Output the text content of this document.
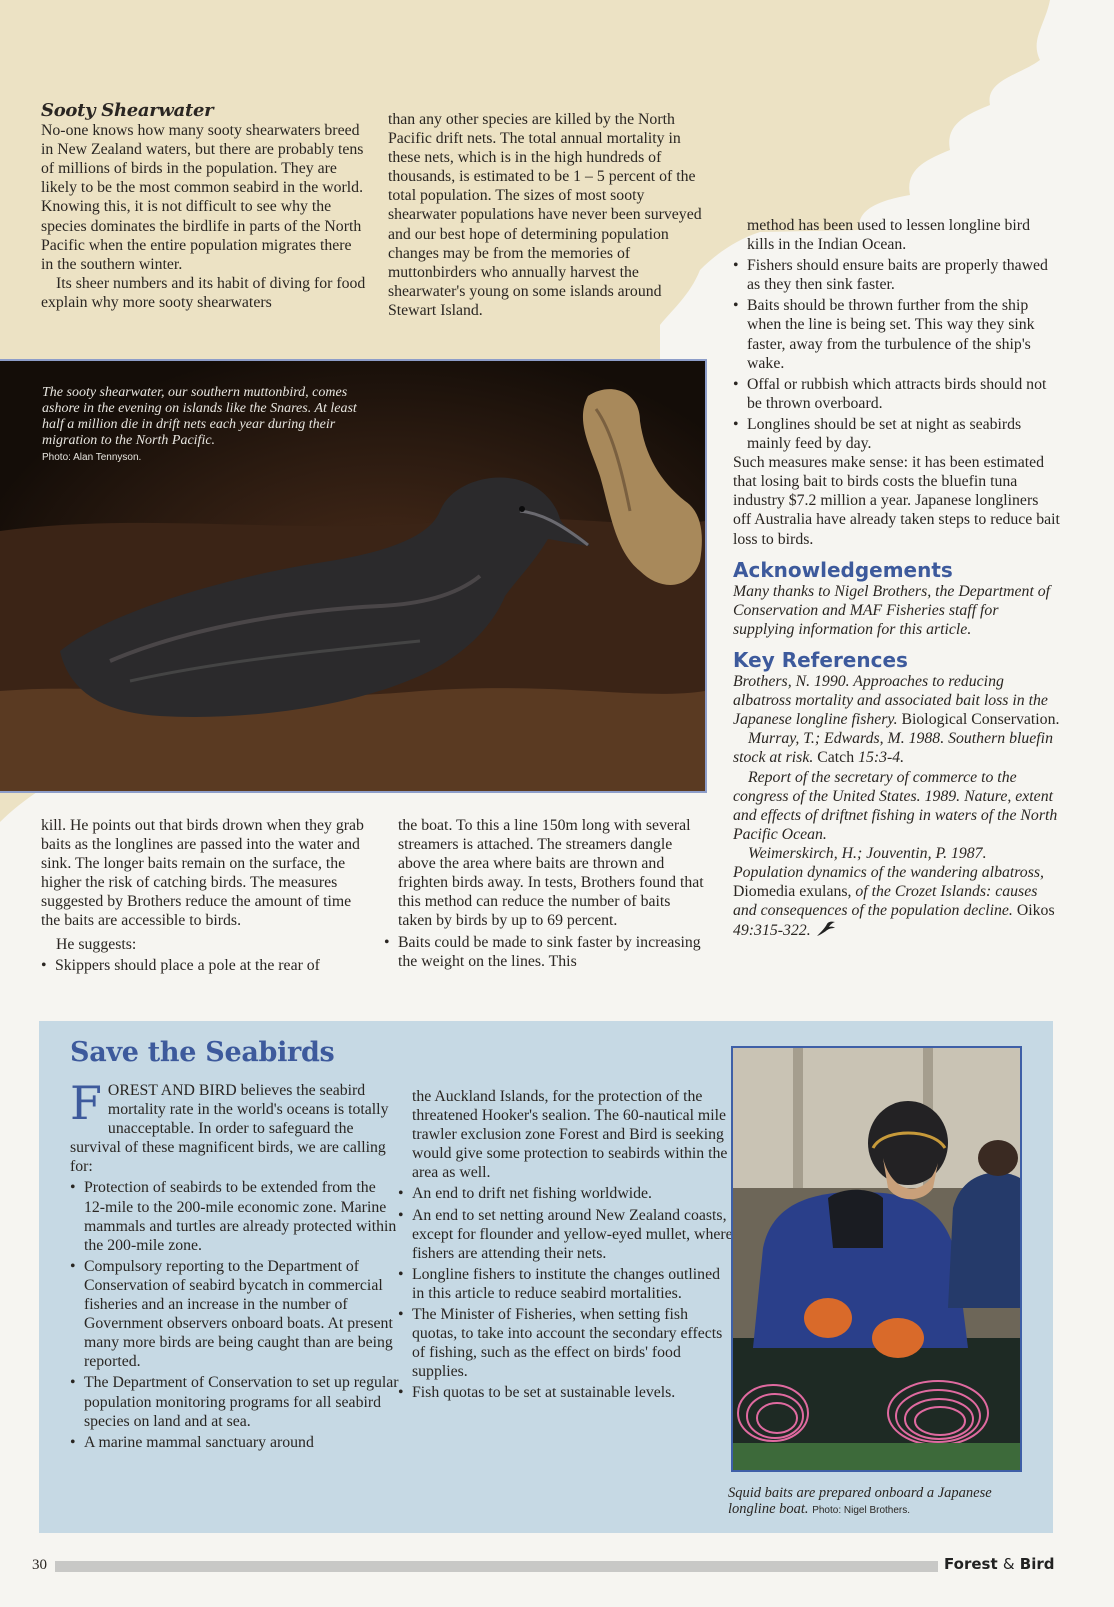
Sooty Shearwater

No-one knows how many sooty shearwaters breed in New Zealand waters, but there are probably tens of millions of birds in the population. They are likely to be the most common seabird in the world. Knowing this, it is not difficult to see why the species dominates the birdlife in parts of the North Pacific when the entire population migrates there in the southern winter.

Its sheer numbers and its habit of diving for food explain why more sooty shearwaters

than any other species are killed by the North Pacific drift nets. The total annual mortality in these nets, which is in the high hundreds of thousands, is estimated to be 1 – 5 percent of the total population. The sizes of most sooty shearwater populations have never been surveyed and our best hope of determining population changes may be from the memories of muttonbirders who annually harvest the shearwater's young on some islands around Stewart Island.

The sooty shearwater, our southern muttonbird, comes ashore in the evening on islands like the Snares. At least half a million die in drift nets each year during their migration to the North Pacific.
Photo: Alan Tennyson.

kill. He points out that birds drown when they grab baits as the longlines are passed into the water and sink. The longer baits remain on the surface, the higher the risk of catching birds. The measures suggested by Brothers reduce the amount of time the baits are accessible to birds.

He suggests:

• Skippers should place a pole at the rear of

the boat. To this a line 150m long with several streamers is attached. The streamers dangle above the area where baits are thrown and frighten birds away. In tests, Brothers found that this method can reduce the number of baits taken by birds by up to 69 percent.

• Baits could be made to sink faster by increasing the weight on the lines. This

method has been used to lessen longline bird kills in the Indian Ocean.

• Fishers should ensure baits are properly thawed as they then sink faster.
• Baits should be thrown further from the ship when the line is being set. This way they sink faster, away from the turbulence of the ship's wake.
• Offal or rubbish which attracts birds should not be thrown overboard.
• Longlines should be set at night as seabirds mainly feed by day.

Such measures make sense: it has been estimated that losing bait to birds costs the bluefin tuna industry $7.2 million a year. Japanese longliners off Australia have already taken steps to reduce bait loss to birds.

Acknowledgements

Many thanks to Nigel Brothers, the Department of Conservation and MAF Fisheries staff for supplying information for this article.

Key References

Brothers, N. 1990. Approaches to reducing albatross mortality and associated bait loss in the Japanese longline fishery. Biological Conservation.

Murray, T.; Edwards, M. 1988. Southern bluefin stock at risk. Catch 15:3-4.

Report of the secretary of commerce to the congress of the United States. 1989. Nature, extent and effects of driftnet fishing in waters of the North Pacific Ocean.

Weimerskirch, H.; Jouventin, P. 1987. Population dynamics of the wandering albatross, Diomedia exulans, of the Crozet Islands: causes and consequences of the population decline. Oikos 49:315-322.

Save the Seabirds

FOREST AND BIRD believes the seabird mortality rate in the world's oceans is totally unacceptable. In order to safeguard the survival of these magnificent birds, we are calling for:

• Protection of seabirds to be extended from the 12-mile to the 200-mile economic zone. Marine mammals and turtles are already protected within the 200-mile zone.
• Compulsory reporting to the Department of Conservation of seabird bycatch in commercial fisheries and an increase in the number of Government observers onboard boats. At present many more birds are being caught than are being reported.
• The Department of Conservation to set up regular population monitoring programs for all seabird species on land and at sea.
• A marine mammal sanctuary around

the Auckland Islands, for the protection of the threatened Hooker's sealion. The 60-nautical mile trawler exclusion zone Forest and Bird is seeking would give some protection to seabirds within the area as well.

• An end to drift net fishing worldwide.
• An end to set netting around New Zealand coasts, except for flounder and yellow-eyed mullet, where fishers are attending their nets.
• Longline fishers to institute the changes outlined in this article to reduce seabird mortalities.
• The Minister of Fisheries, when setting fish quotas, to take into account the secondary effects of fishing, such as the effect on birds' food supplies.
• Fish quotas to be set at sustainable levels.
Squid baits are prepared onboard a Japanese longline boat. Photo: Nigel Brothers.
30	Forest & Bird
